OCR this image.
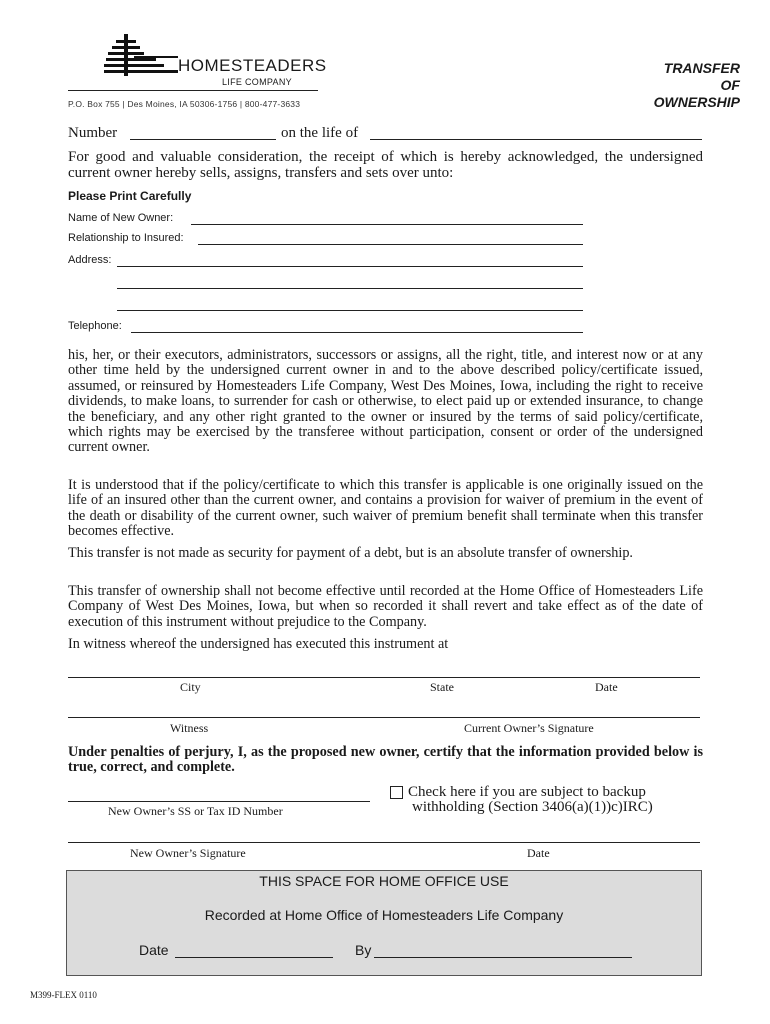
HOMESTEADERS
LIFE COMPANY
P.O. Box 755 | Des Moines, IA 50306-1756 | 800-477-3633
TRANSFER
OF
OWNERSHIP
Number	on the life of
For good and valuable consideration, the receipt of which is hereby acknowledged, the undersigned current owner hereby sells, assigns, transfers and sets over unto:
Please Print Carefully
Name of New Owner:
Relationship to Insured:
Address:
Telephone:
his, her, or their executors, administrators, successors or assigns, all the right, title, and interest now or at any other time held by the undersigned current owner in and to the above described policy/certificate issued, assumed, or reinsured by Homesteaders Life Company, West Des Moines, Iowa, including the right to receive dividends, to make loans, to surrender for cash or otherwise, to elect paid up or extended insurance, to change the beneficiary, and any other right granted to the owner or insured by the terms of said policy/certificate, which rights may be exercised by the transferee without participation, consent or order of the undersigned current owner.
It is understood that if the policy/certificate to which this transfer is applicable is one originally issued on the life of an insured other than the current owner, and contains a provision for waiver of premium in the event of the death or disability of the current owner, such waiver of premium benefit shall terminate when this transfer becomes effective.
This transfer is not made as security for payment of a debt, but is an absolute transfer of ownership.
This transfer of ownership shall not become effective until recorded at the Home Office of Homesteaders Life Company of West Des Moines, Iowa, but when so recorded it shall revert and take effect as of the date of execution of this instrument without prejudice to the Company.
In witness whereof the undersigned has executed this instrument at
City	State	Date
Witness	Current Owner’s Signature
Under penalties of perjury, I, as the proposed new owner, certify that the information provided below is true, correct, and complete.
New Owner’s SS or Tax ID Number
Check here if you are subject to backup
withholding (Section 3406(a)(1))c)IRC)
New Owner’s Signature	Date
THIS SPACE FOR HOME OFFICE USE
Recorded at Home Office of Homesteaders Life Company
Date	By
M399-FLEX 0110
